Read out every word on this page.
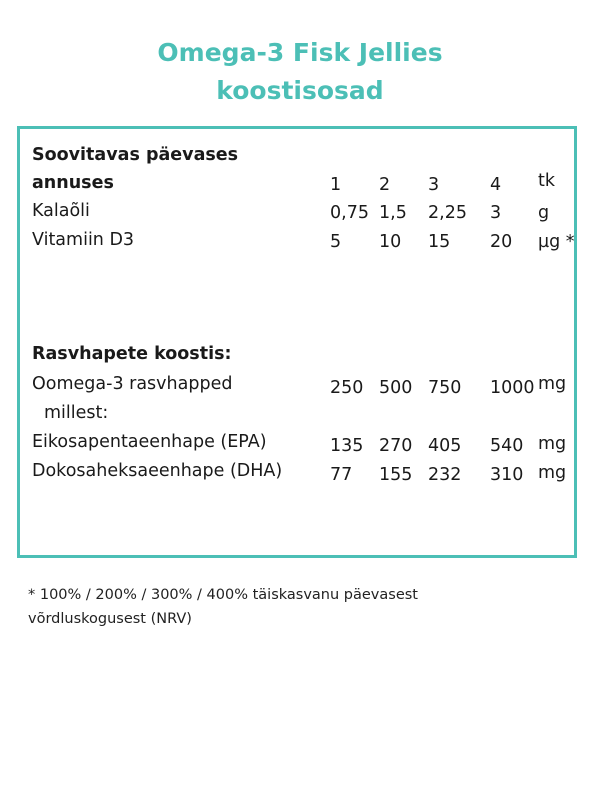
Omega-3 Fisk Jellies
koostisosad
Soovitavas päevases
annuses	1 2 3	4 tk
Kalaõli	0,75 1,5 2,25 3 g
Vitamiin D3	5 10 15 20 µg *
Rasvhapete koostis:
Oomega-3 rasvhapped	250 500 750 1000 mg
millest:
Eikosapentaeenhape (EPA)	135 270 405 540 mg
Dokosaheksaeenhape (DHA)	77 155 232 310 mg
* 100% / 200% / 300% / 400% täiskasvanu päevasest
võrdluskogusest (NRV)
